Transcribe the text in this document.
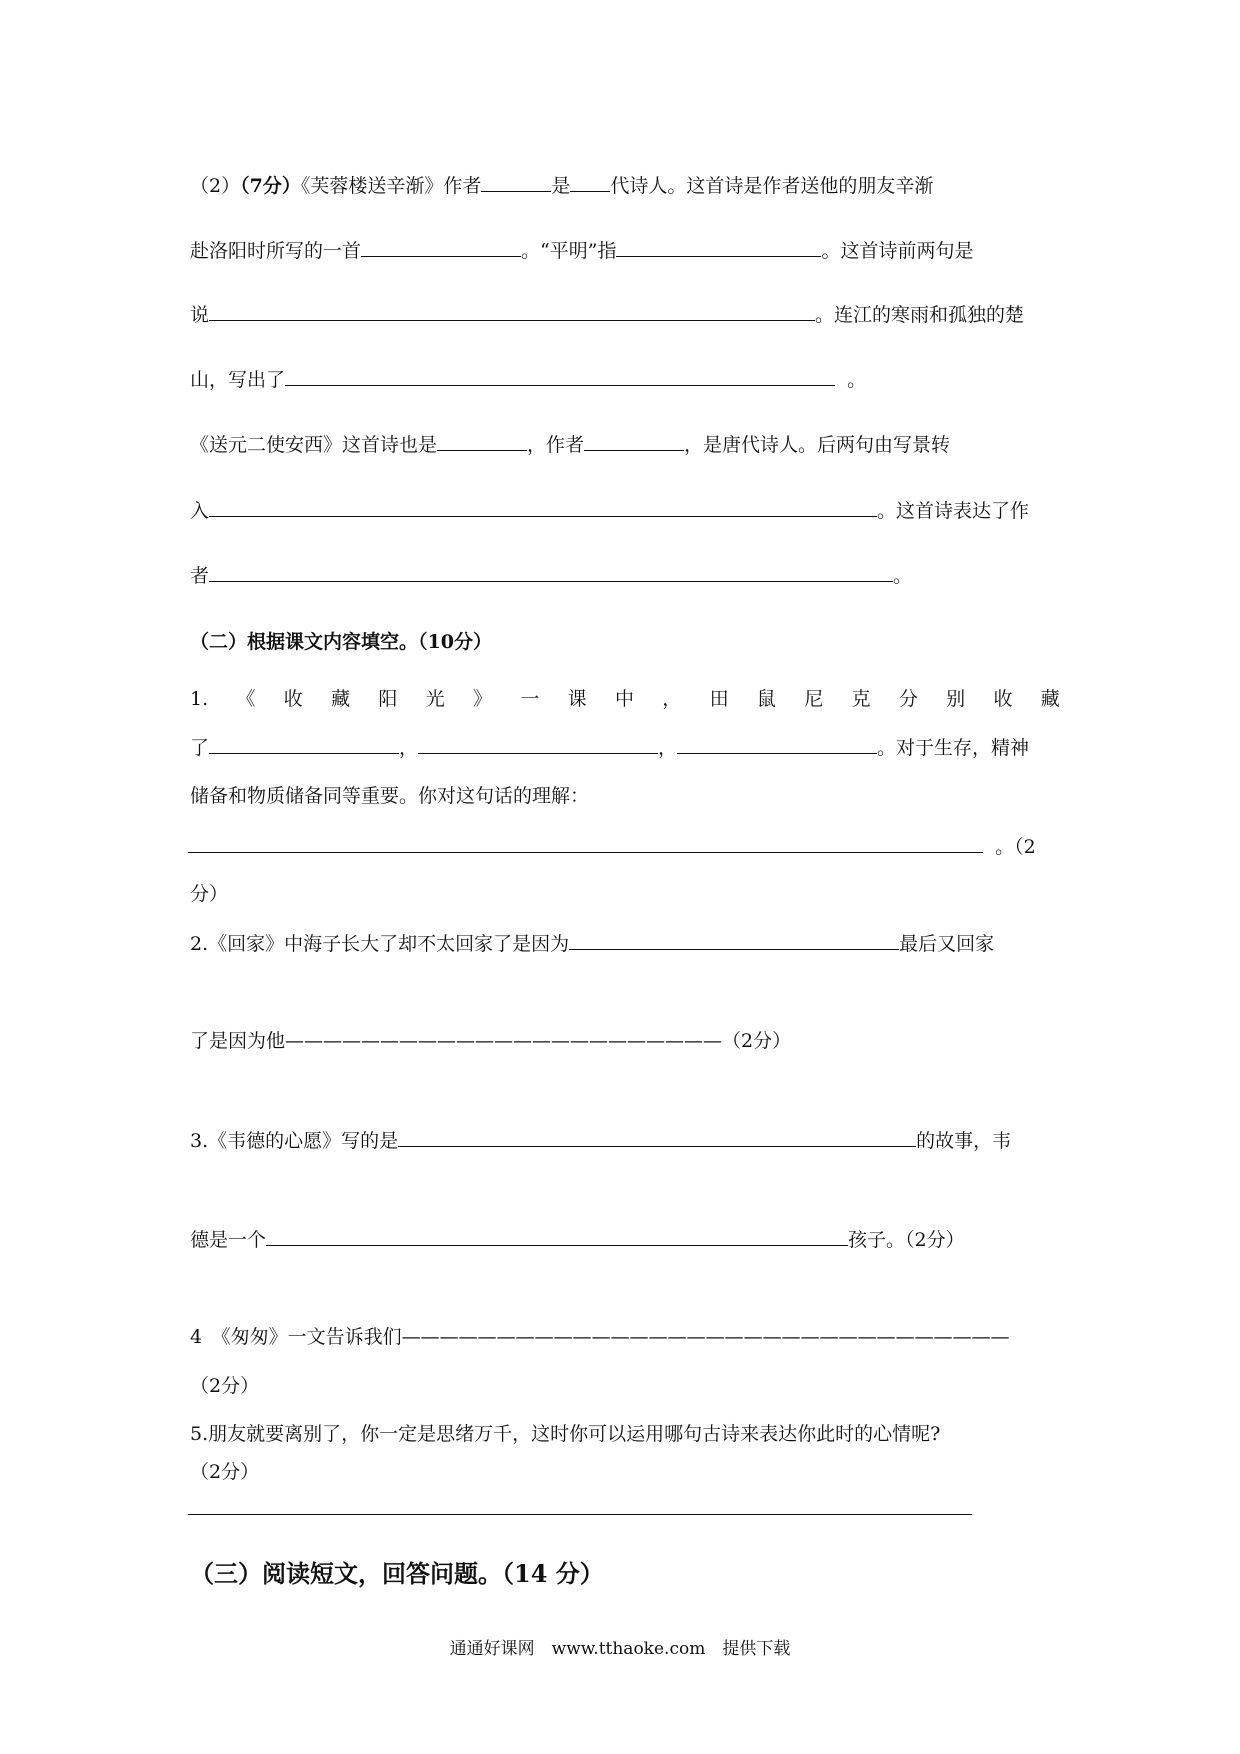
（2）（7分）《芙蓉楼送辛渐》作者	是 代诗人。这首诗是作者送他的朋友辛渐
赴洛阳时所写的一首	。“平明”指	。这首诗前两句是
说	。连江的寒雨和孤独的楚
山，写出了	。
《送元二使安西》这首诗也是	，作者	，是唐代诗人。后两句由写景转
入	。这首诗表达了作
者	。
（二）根据课文内容填空。（10分）
1. 《 收 藏 阳 光 》 一 课 中 ， 田 鼠 尼 克 分 别 收 藏
了	，	，	。对于生存，精神
储备和物质储备同等重要。你对这句话的理解：
。（2
分）
2.《回家》中海子长大了却不太回家了是因为	最后又回家
了是因为他———————————————————————（2分）
3.《韦德的心愿》写的是	的故事，韦
德是一个	孩子。（2分）
4　《匆匆》一文告诉我们————————————————————————————————
（2分）
5.朋友就要离别了，你一定是思绪万千，这时你可以运用哪句古诗来表达你此时的心情呢?
（2分）
（三）阅读短文，回答问题。（14 分）
通通好课网　www.tthaoke.com　提供下载
